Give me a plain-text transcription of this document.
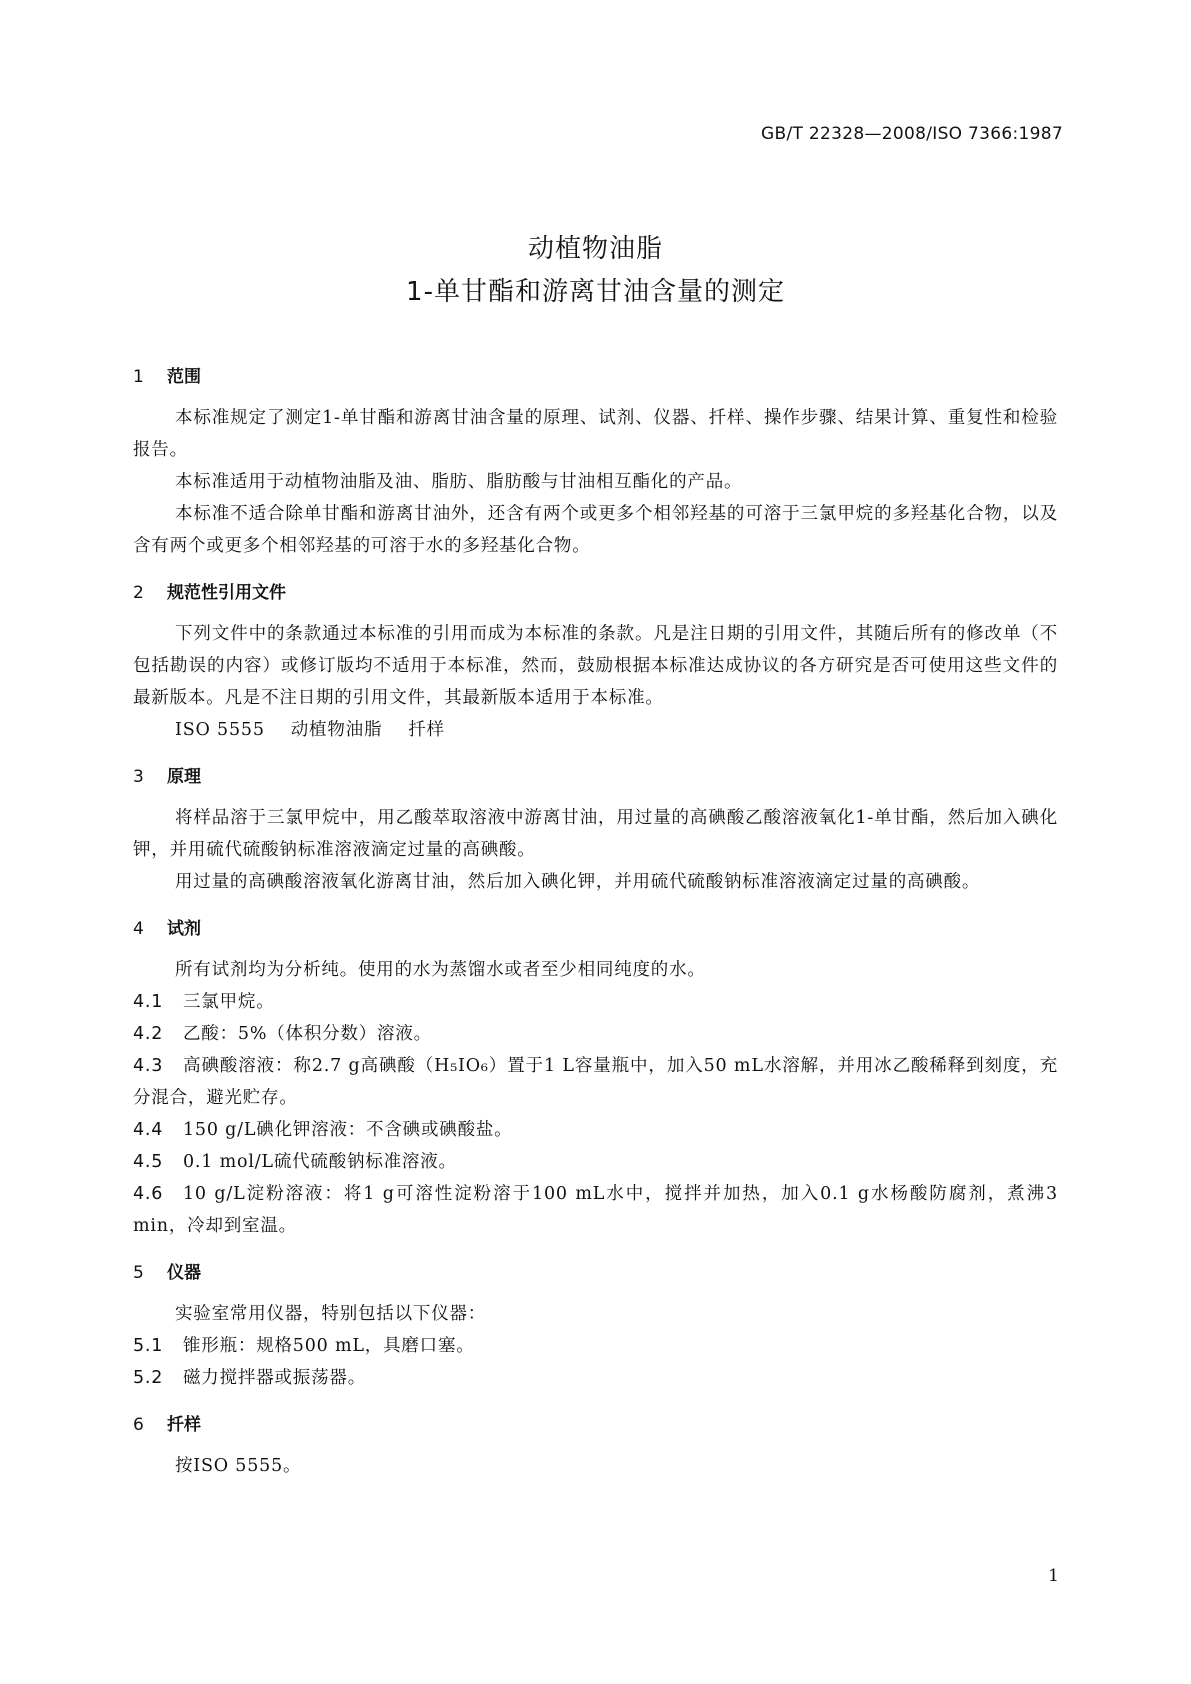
GB/T 22328—2008/ISO 7366:1987
动植物油脂
1-单甘酯和游离甘油含量的测定
1	范围
本标准规定了测定1-单甘酯和游离甘油含量的原理、试剂、仪器、扦样、操作步骤、结果计算、重复性和检验报告。
本标准适用于动植物油脂及油、脂肪、脂肪酸与甘油相互酯化的产品。
本标准不适合除单甘酯和游离甘油外，还含有两个或更多个相邻羟基的可溶于三氯甲烷的多羟基化合物，以及含有两个或更多个相邻羟基的可溶于水的多羟基化合物。
2	规范性引用文件
下列文件中的条款通过本标准的引用而成为本标准的条款。凡是注日期的引用文件，其随后所有的修改单（不包括勘误的内容）或修订版均不适用于本标准，然而，鼓励根据本标准达成协议的各方研究是否可使用这些文件的最新版本。凡是不注日期的引用文件，其最新版本适用于本标准。
ISO 5555 动植物油脂 扦样
3	原理
将样品溶于三氯甲烷中，用乙酸萃取溶液中游离甘油，用过量的高碘酸乙酸溶液氧化1-单甘酯，然后加入碘化钾，并用硫代硫酸钠标准溶液滴定过量的高碘酸。
用过量的高碘酸溶液氧化游离甘油，然后加入碘化钾，并用硫代硫酸钠标准溶液滴定过量的高碘酸。
4	试剂
所有试剂均为分析纯。使用的水为蒸馏水或者至少相同纯度的水。
4.1 三氯甲烷。
4.2 乙酸：5%（体积分数）溶液。
4.3 高碘酸溶液：称2.7 g高碘酸（H₅IO₆）置于1 L容量瓶中，加入50 mL水溶解，并用冰乙酸稀释到刻度，充分混合，避光贮存。
4.4 150 g/L碘化钾溶液：不含碘或碘酸盐。
4.5 0.1 mol/L硫代硫酸钠标准溶液。
4.6 10 g/L淀粉溶液：将1 g可溶性淀粉溶于100 mL水中，搅拌并加热，加入0.1 g水杨酸防腐剂，煮沸3 min，冷却到室温。
5	仪器
实验室常用仪器，特别包括以下仪器：
5.1 锥形瓶：规格500 mL，具磨口塞。
5.2 磁力搅拌器或振荡器。
6	扦样
按ISO 5555。
1
